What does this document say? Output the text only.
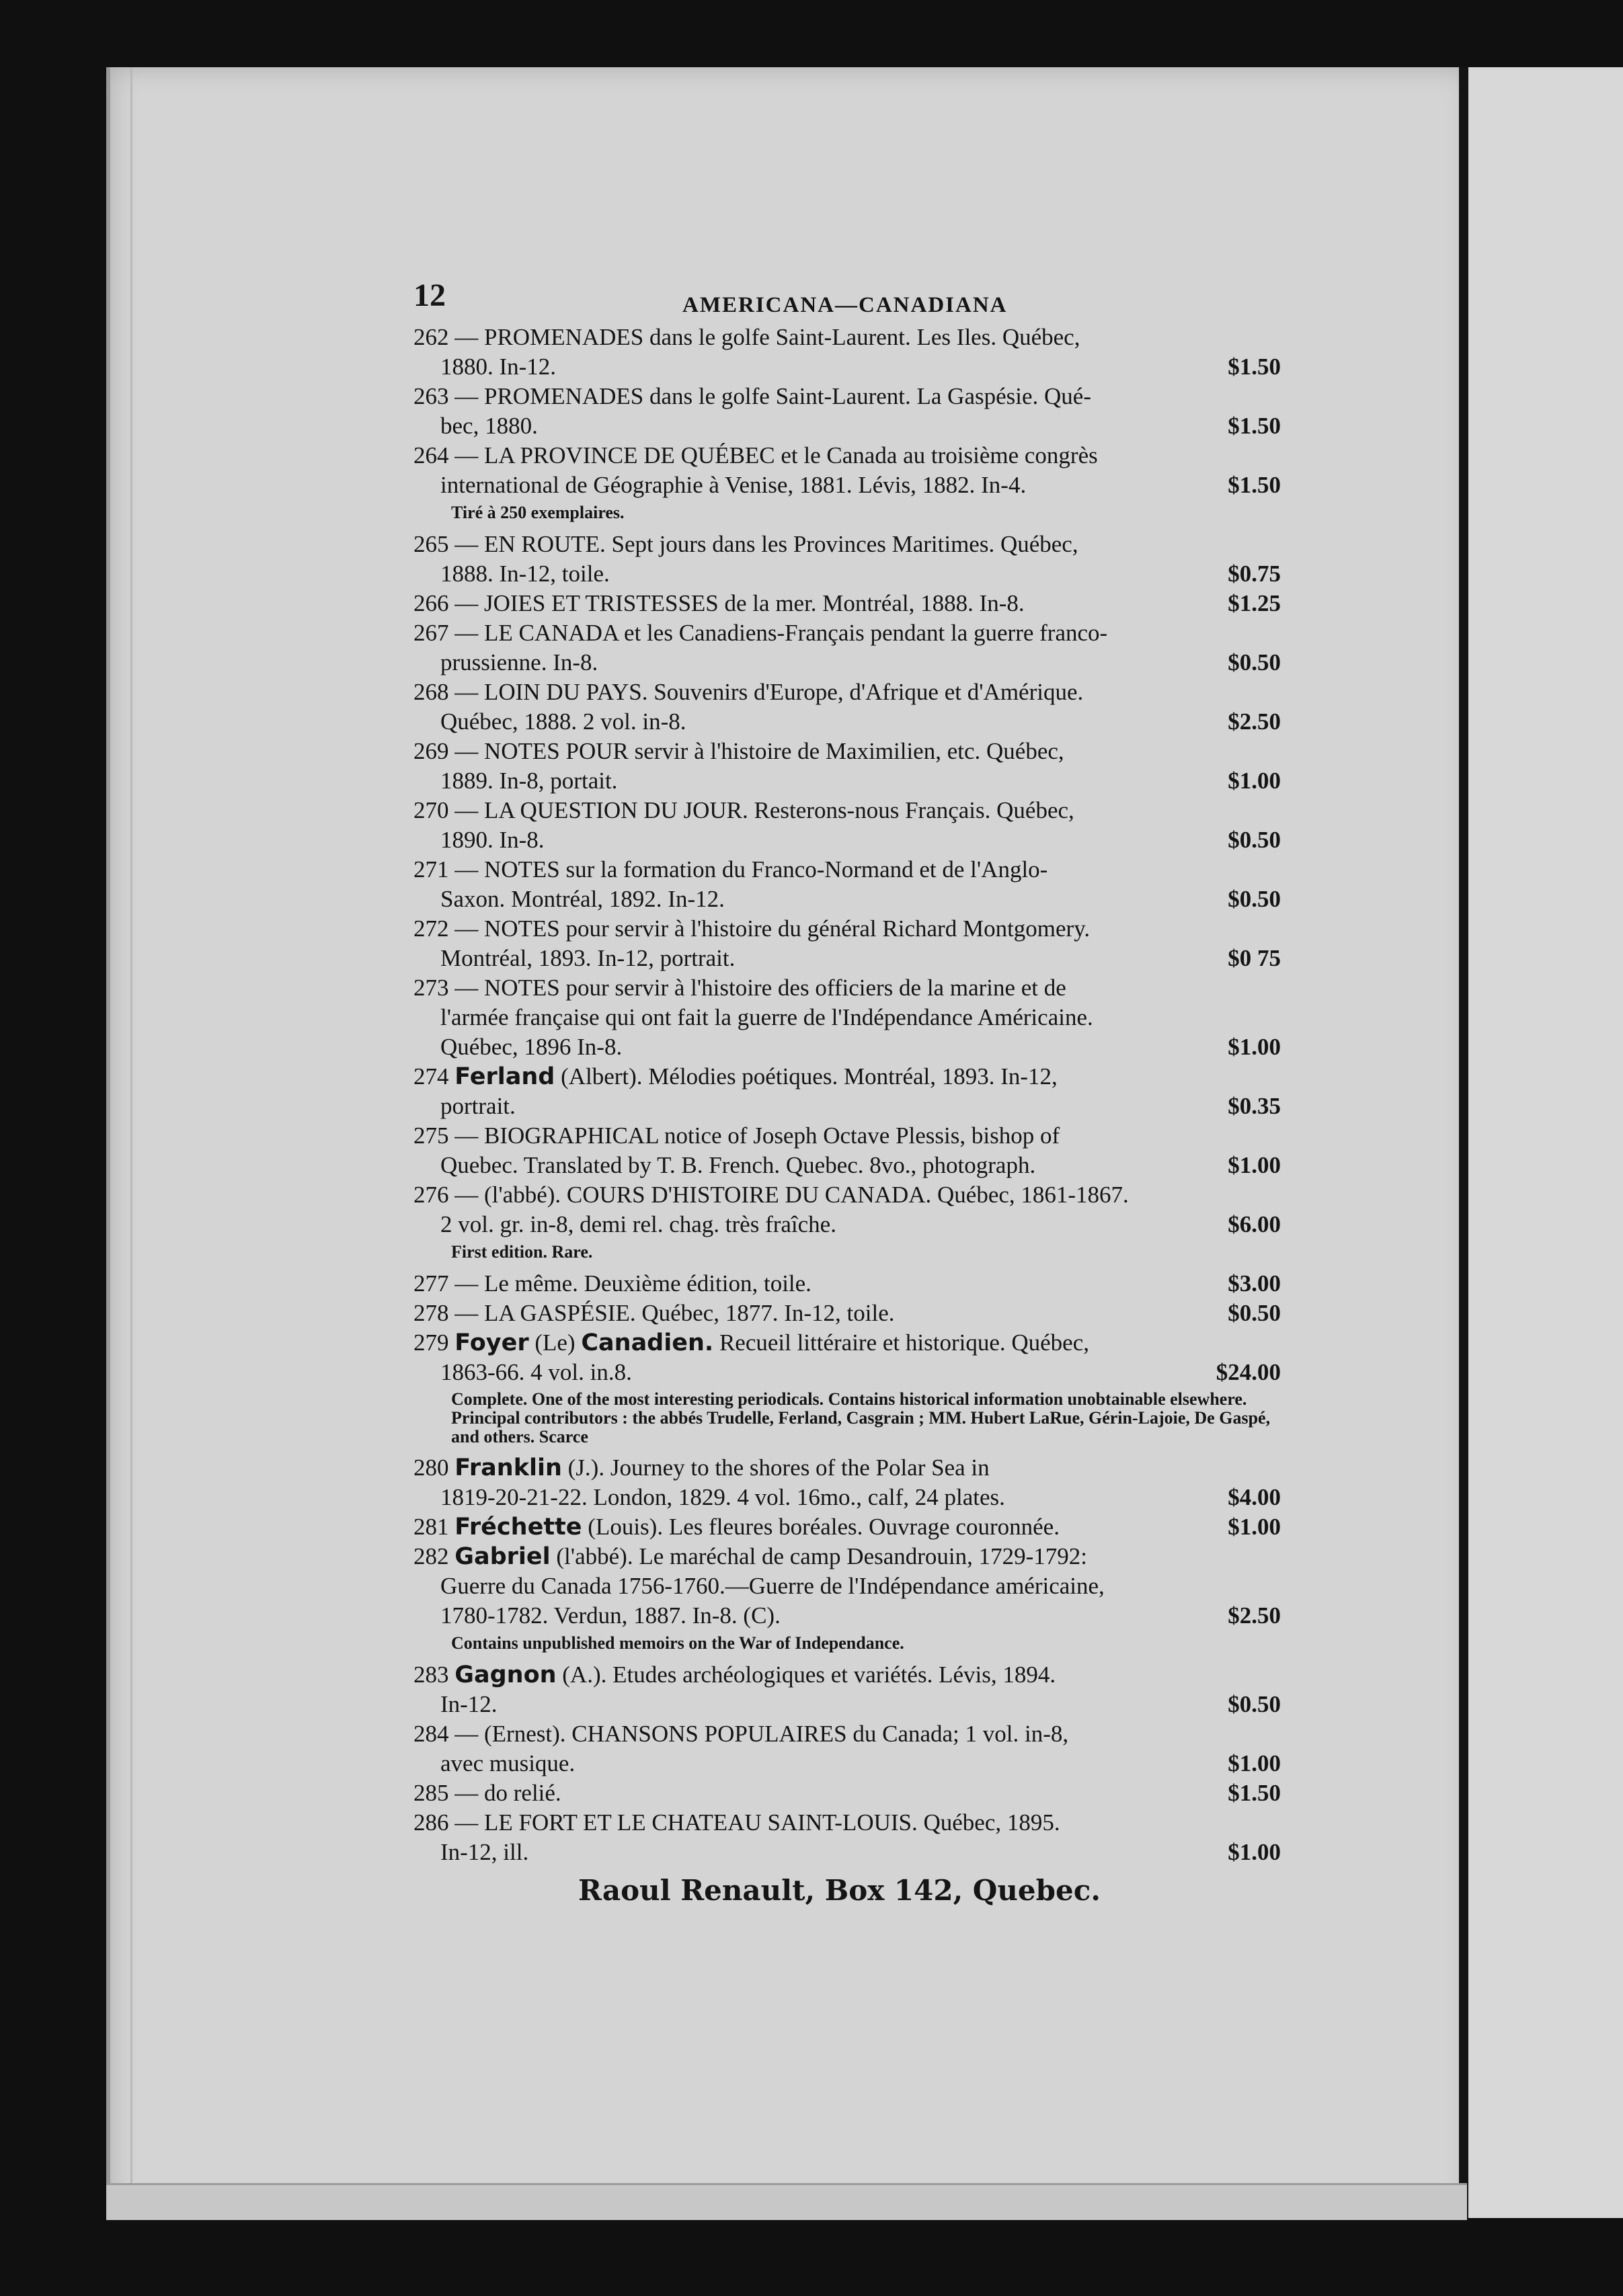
12	AMERICANA—CANADIANA
262 — PROMENADES dans le golfe Saint-Laurent. Les Iles. Québec,
1880. In-12.	$1.50
263 — PROMENADES dans le golfe Saint-Laurent. La Gaspésie. Qué-
bec, 1880.	$1.50
264 — LA PROVINCE DE QUÉBEC et le Canada au troisième congrès
international de Géographie à Venise, 1881. Lévis, 1882. In-4.	$1.50
Tiré à 250 exemplaires.
265 — EN ROUTE. Sept jours dans les Provinces Maritimes. Québec,
1888. In-12, toile.	$0.75
266 — JOIES ET TRISTESSES de la mer. Montréal, 1888. In-8.	$1.25
267 — LE CANADA et les Canadiens-Français pendant la guerre franco-
prussienne. In-8.	$0.50
268 — LOIN DU PAYS. Souvenirs d'Europe, d'Afrique et d'Amérique.
Québec, 1888. 2 vol. in-8.	$2.50
269 — NOTES POUR servir à l'histoire de Maximilien, etc. Québec,
1889. In-8, portait.	$1.00
270 — LA QUESTION DU JOUR. Resterons-nous Français. Québec,
1890. In-8.	$0.50
271 — NOTES sur la formation du Franco-Normand et de l'Anglo-
Saxon. Montréal, 1892. In-12.	$0.50
272 — NOTES pour servir à l'histoire du général Richard Montgomery.
Montréal, 1893. In-12, portrait.	$0 75
273 — NOTES pour servir à l'histoire des officiers de la marine et de
l'armée française qui ont fait la guerre de l'Indépendance Américaine.
Québec, 1896 In-8.	$1.00
274 Ferland (Albert). Mélodies poétiques. Montréal, 1893. In-12,
portrait.	$0.35
275 — BIOGRAPHICAL notice of Joseph Octave Plessis, bishop of
Quebec. Translated by T. B. French. Quebec. 8vo., photograph.	$1.00
276 — (l'abbé). COURS D'HISTOIRE DU CANADA. Québec, 1861-1867.
2 vol. gr. in-8, demi rel. chag. très fraîche.	$6.00
First edition. Rare.
277 — Le même. Deuxième édition, toile.	$3.00
278 — LA GASPÉSIE. Québec, 1877. In-12, toile.	$0.50
279 Foyer (Le) Canadien. Recueil littéraire et historique. Québec,
1863-66. 4 vol. in.8.	$24.00
Complete. One of the most interesting periodicals. Contains historical information unobtainable elsewhere. Principal contributors : the abbés Trudelle, Ferland, Casgrain ; MM. Hubert LaRue, Gérin-Lajoie, De Gaspé, and others. Scarce
280 Franklin (J.). Journey to the shores of the Polar Sea in
1819-20-21-22. London, 1829. 4 vol. 16mo., calf, 24 plates.	$4.00
281 Fréchette (Louis). Les fleures boréales. Ouvrage couronnée.	$1.00
282 Gabriel (l'abbé). Le maréchal de camp Desandrouin, 1729-1792:
Guerre du Canada 1756-1760.—Guerre de l'Indépendance américaine,
1780-1782. Verdun, 1887. In-8. (C).	$2.50
Contains unpublished memoirs on the War of Independance.
283 Gagnon (A.). Etudes archéologiques et variétés. Lévis, 1894.
In-12.	$0.50
284 — (Ernest). CHANSONS POPULAIRES du Canada; 1 vol. in-8,
avec musique.	$1.00
285 — do relié.	$1.50
286 — LE FORT ET LE CHATEAU SAINT-LOUIS. Québec, 1895.
In-12, ill.	$1.00
Raoul Renault, Box 142, Quebec.
